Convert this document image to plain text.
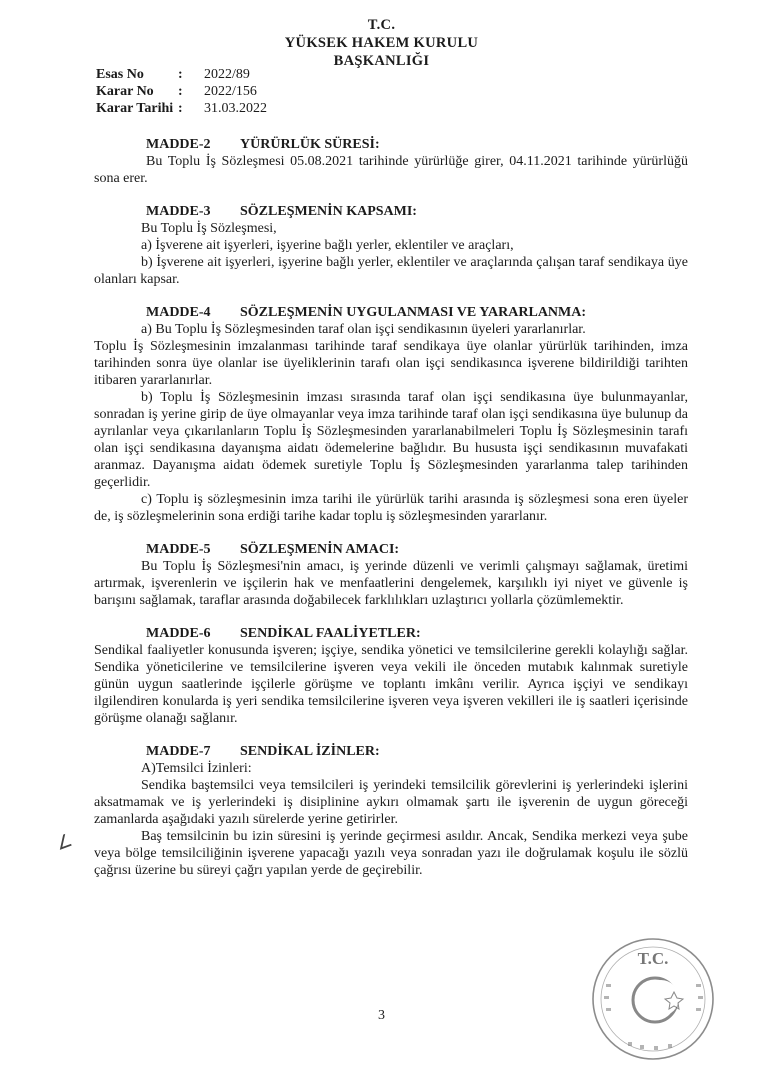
T.C.
YÜKSEK HAKEM KURULU
BAŞKANLIĞI
Esas No	:	2022/89
Karar No	:	2022/156
Karar Tarihi :	31.03.2022
MADDE-2 YÜRÜRLÜK SÜRESİ:

Bu Toplu İş Sözleşmesi 05.08.2021 tarihinde yürürlüğe girer, 04.11.2021 tarihinde yürürlüğü sona erer.

MADDE-3 SÖZLEŞMENİN KAPSAMI:

Bu Toplu İş Sözleşmesi,

a) İşverene ait işyerleri, işyerine bağlı yerler, eklentiler ve araçları,

b) İşverene ait işyerleri, işyerine bağlı yerler, eklentiler ve araçlarında çalışan taraf sendikaya üye olanları kapsar.

MADDE-4 SÖZLEŞMENİN UYGULANMASI VE YARARLANMA:

a) Bu Toplu İş Sözleşmesinden taraf olan işçi sendikasının üyeleri yararlanırlar.

Toplu İş Sözleşmesinin imzalanması tarihinde taraf sendikaya üye olanlar yürürlük tarihinden, imza tarihinden sonra üye olanlar ise üyeliklerinin tarafı olan işçi sendikasınca işverene bildirildiği tarihten itibaren yararlanırlar.

b) Toplu İş Sözleşmesinin imzası sırasında taraf olan işçi sendikasına üye bulunmayanlar, sonradan iş yerine girip de üye olmayanlar veya imza tarihinde taraf olan işçi sendikasına üye bulunup da ayrılanlar veya çıkarılanların Toplu İş Sözleşmesinden yararlanabilmeleri Toplu İş Sözleşmesinin tarafı olan işçi sendikasına dayanışma aidatı ödemelerine bağlıdır. Bu hususta işçi sendikasının muvafakati aranmaz. Dayanışma aidatı ödemek suretiyle Toplu İş Sözleşmesinden yararlanma talep tarihinden geçerlidir.

c) Toplu iş sözleşmesinin imza tarihi ile yürürlük tarihi arasında iş sözleşmesi sona eren üyeler de, iş sözleşmelerinin sona erdiği tarihe kadar toplu iş sözleşmesinden yararlanır.

MADDE-5 SÖZLEŞMENİN AMACI:

Bu Toplu İş Sözleşmesi'nin amacı, iş yerinde düzenli ve verimli çalışmayı sağlamak, üretimi artırmak, işverenlerin ve işçilerin hak ve menfaatlerini dengelemek, karşılıklı iyi niyet ve güvenle iş barışını sağlamak, taraflar arasında doğabilecek farklılıkları uzlaştırıcı yollarla çözümlemektir.

MADDE-6 SENDİKAL FAALİYETLER:

Sendikal faaliyetler konusunda işveren; işçiye, sendika yönetici ve temsilcilerine gerekli kolaylığı sağlar. Sendika yöneticilerine ve temsilcilerine işveren veya vekili ile önceden mutabık kalınmak suretiyle günün uygun saatlerinde işçilerle görüşme ve toplantı imkânı verilir. Ayrıca işçiyi ve sendikayı ilgilendiren konularda iş yeri sendika temsilcilerine işveren veya işveren vekilleri ile iş saatleri içerisinde görüşme olanağı sağlanır.

MADDE-7 SENDİKAL İZİNLER:

A)Temsilci İzinleri:

Sendika baştemsilci veya temsilcileri iş yerindeki temsilcilik görevlerini iş yerlerindeki işlerini aksatmamak ve iş yerlerindeki iş disiplinine aykırı olmamak şartı ile işverenin de uygun göreceği zamanlarda aşağıdaki yazılı sürelerde yerine getirirler.

Baş temsilcinin bu izin süresini iş yerinde geçirmesi asıldır. Ancak, Sendika merkezi veya şube veya bölge temsilciliğinin işverene yapacağı yazılı veya sonradan yazı ile doğrulamak koşulu ile sözlü çağrısı üzerine bu süreyi çağrı yapılan yerde de geçirebilir.

∠
T.C.
3
